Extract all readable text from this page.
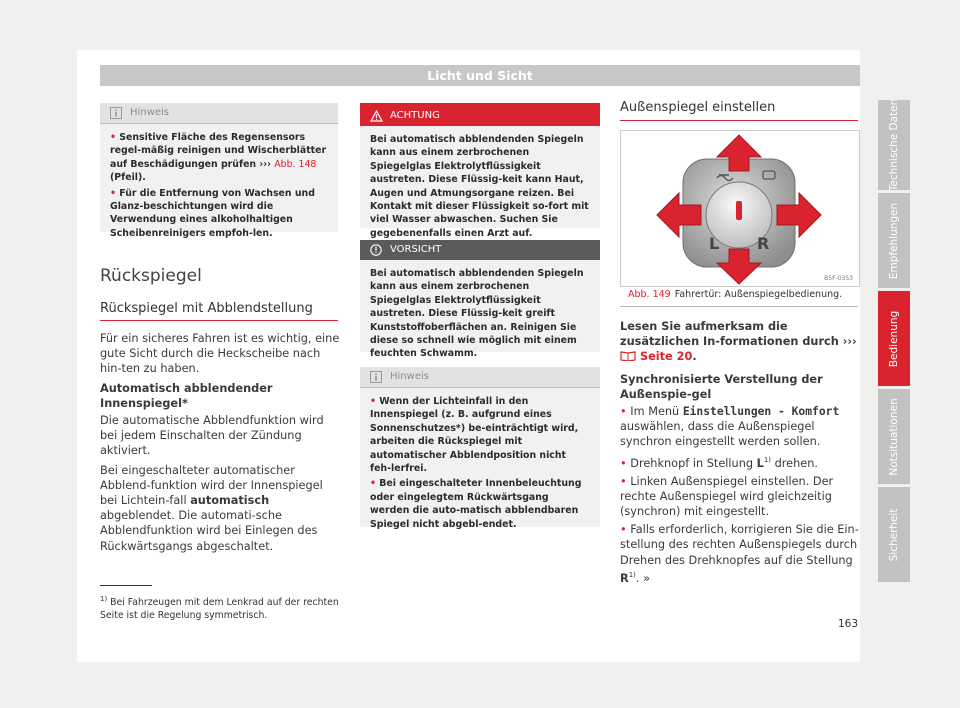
Licht und Sicht
Hinweis

• Sensitive Fläche des Regensensors regel-mäßig reinigen und Wischerblätter auf Beschädigungen prüfen ››› Abb. 148 (Pfeil).

• Für die Entfernung von Wachsen und Glanz-beschichtungen wird die Verwendung eines alkoholhaltigen Scheibenreinigers empfoh-len.

Rückspiegel
Rückspiegel mit Abblendstellung

Für ein sicheres Fahren ist es wichtig, eine gute Sicht durch die Heckscheibe nach hin-ten zu haben.

Automatisch abblendender Innenspiegel*

Die automatische Abblendfunktion wird bei jedem Einschalten der Zündung aktiviert.

Bei eingeschalteter automatischer Abblend-funktion wird der Innenspiegel bei Lichtein-fall automatisch abgeblendet. Die automati-sche Abblendfunktion wird bei Einlegen des Rückwärtsgangs abgeschaltet.

ACHTUNG

Bei automatisch abblendenden Spiegeln kann aus einem zerbrochenen Spiegelglas Elektrolytflüssigkeit austreten. Diese Flüssig-keit kann Haut, Augen und Atmungsorgane reizen. Bei Kontakt mit dieser Flüssigkeit so-fort mit viel Wasser abwaschen. Suchen Sie gegebenenfalls einen Arzt auf.

VORSICHT

Bei automatisch abblendenden Spiegeln kann aus einem zerbrochenen Spiegelglas Elektrolytflüssigkeit austreten. Diese Flüssig-keit greift Kunststoffoberflächen an. Reinigen Sie diese so schnell wie möglich mit einem feuchten Schwamm.

Hinweis

• Wenn der Lichteinfall in den Innenspiegel (z. B. aufgrund eines Sonnenschutzes*) be-einträchtigt wird, arbeiten die Rückspiegel mit automatischer Abblendposition nicht feh-lerfrei.

• Bei eingeschalteter Innenbeleuchtung oder eingelegtem Rückwärtsgang werden die auto-matisch abblendbaren Spiegel nicht abgebl-endet.

Außenspiegel einstellen
L R
B5F-0353
Abb. 149 Fahrertür: Außenspiegelbedienung.

Lesen Sie aufmerksam die zusätzlichen In-formationen durch ›››  Seite 20.

Synchronisierte Verstellung der Außenspie-gel

• Im Menü Einstellungen - Komfort auswählen, dass die Außenspiegel synchron eingestellt werden sollen.

• Drehknopf in Stellung $L^{1)}$ drehen.

• Linken Außenspiegel einstellen. Der rechte Außenspiegel wird gleichzeitig (synchron) mit eingestellt.

• Falls erforderlich, korrigieren Sie die Ein-stellung des rechten Außenspiegels durch Drehen des Drehknopfes auf die Stellung $R^{1)}$. »

Technische Daten
Empfehlungen
Bedienung
Notsituationen
Sicherheit
$^{1)}$ Bei Fahrzeugen mit dem Lenkrad auf der rechten Seite ist die Regelung symmetrisch.
163
